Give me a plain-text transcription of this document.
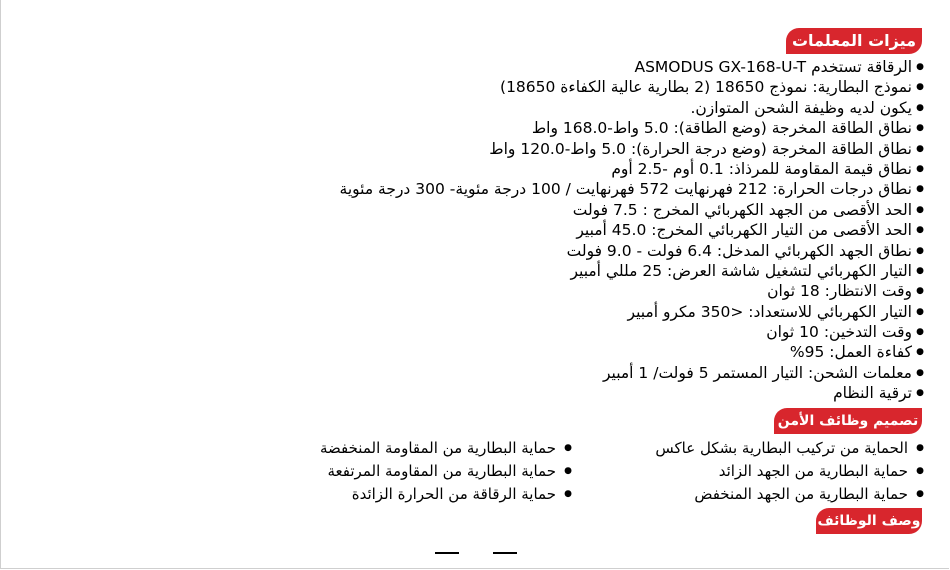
ميزات المعلمات
● الرقاقة تستخدم ASMODUS GX-168-U-T
● نموذج البطارية: نموذج 18650 (2 بطارية عالية الكفاءة 18650)
● يكون لديه وظيفة الشحن المتوازن.
● نطاق الطاقة المخرجة (وضع الطاقة): 5.0 واط-168.0 واط
● نطاق الطاقة المخرجة (وضع درجة الحرارة): 5.0 واط-120.0 واط
● نطاق قيمة المقاومة للمرذاذ: 0.1 أوم -2.5 أوم
● نطاق درجات الحرارة: 212 فهرنهايت 572 فهرنهايت / 100 درجة مئوية- 300 درجة مئوية
● الحد الأقصى من الجهد الكهربائي المخرج : 7.5 فولت
● الحد الأقصى من التيار الكهربائي المخرج: 45.0 أمبير
● نطاق الجهد الكهربائي المدخل: 6.4 فولت - 9.0 فولت
● التيار الكهربائي لتشغيل شاشة العرض: 25 مللي أمبير
● وقت الانتظار: 18 ثوان
● التيار الكهربائي للاستعداد: <350 مكرو أمبير
● وقت التدخين: 10 ثوان
● كفاءة العمل: 95%
● معلمات الشحن: التيار المستمر 5 فولت/ 1 أمبير
● ترقية النظام
تصميم وظائف الأمن
● الحماية من تركيب البطارية بشكل عاكس
● حماية البطارية من الجهد الزائد
● حماية البطارية من الجهد المنخفض
● حماية البطارية من المقاومة المنخفضة
● حماية البطارية من المقاومة المرتفعة
● حماية الرقاقة من الحرارة الزائدة
وصف الوظائف
